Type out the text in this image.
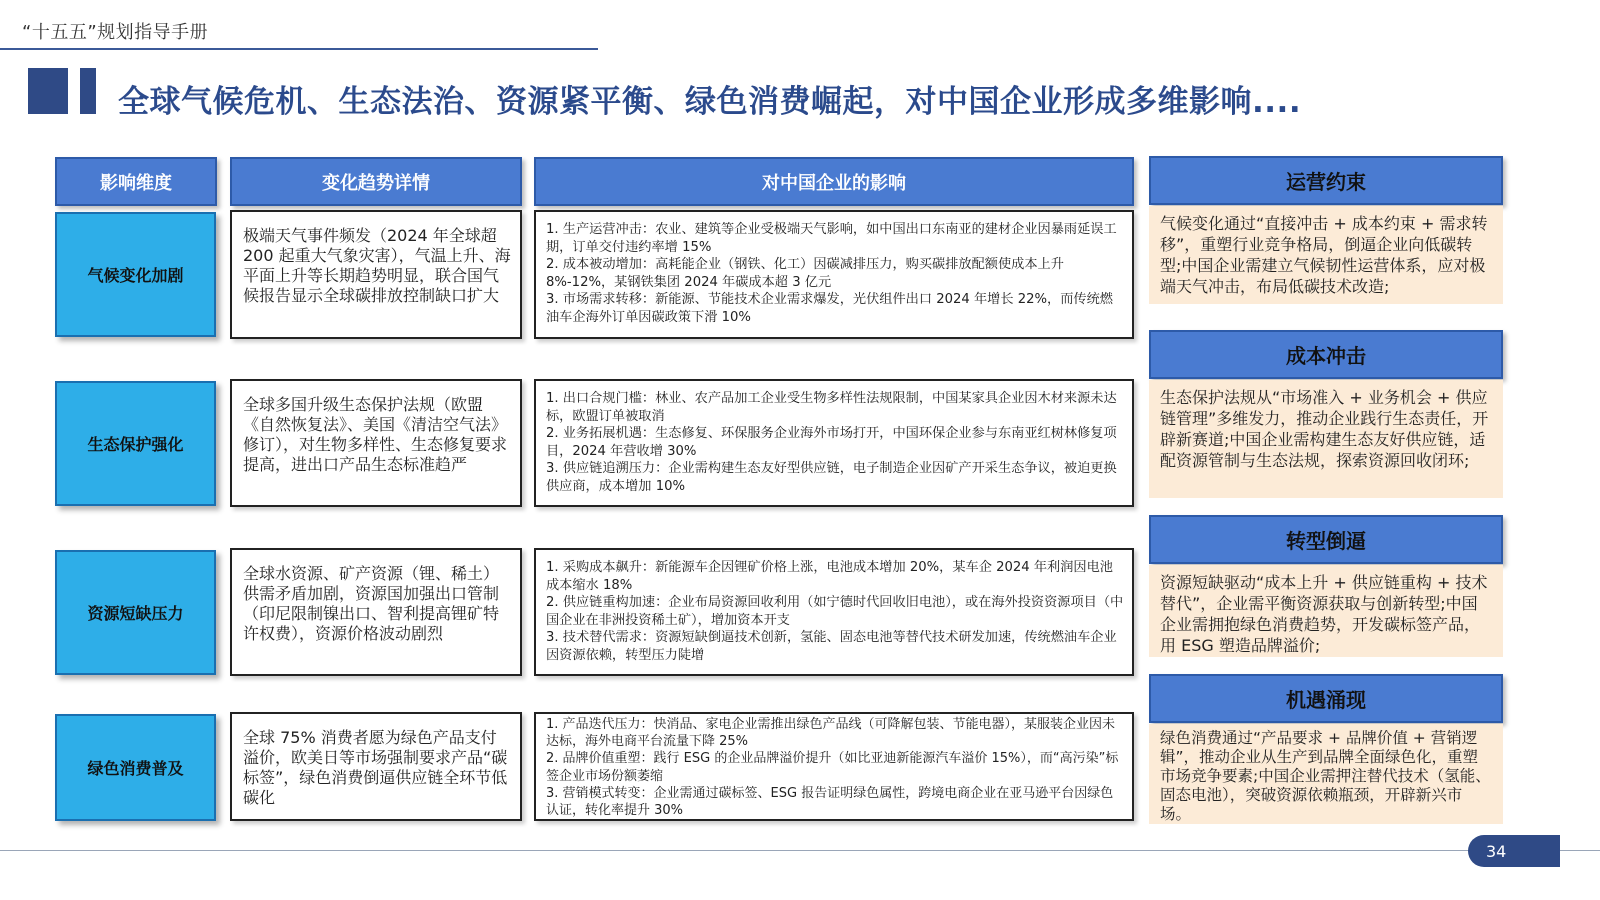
“十五五”规划指导手册
全球气候危机、生态法治、资源紧平衡、绿色消费崛起，对中国企业形成多维影响....
影响维度	变化趋势详情	对中国企业的影响
气候变化加剧
极端天气事件频发（2024 年全球超 200 起重大气象灾害），气温上升、海平面上升等长期趋势明显，联合国气候报告显示全球碳排放控制缺口扩大
1. 生产运营冲击：农业、建筑等企业受极端天气影响，如中国出口东南亚的建材企业因暴雨延误工期，订单交付违约率增 15%
2. 成本被动增加：高耗能企业（钢铁、化工）因碳减排压力，购买碳排放配额使成本上升 8%-12%，某钢铁集团 2024 年碳成本超 3 亿元
3. 市场需求转移：新能源、节能技术企业需求爆发，光伏组件出口 2024 年增长 22%，而传统燃油车企海外订单因碳政策下滑 10%
生态保护强化
全球多国升级生态保护法规（欧盟《自然恢复法》、美国《清洁空气法》修订），对生物多样性、生态修复要求提高，进出口产品生态标准趋严
1. 出口合规门槛：林业、农产品加工企业受生物多样性法规限制，中国某家具企业因木材来源未达标，欧盟订单被取消
2. 业务拓展机遇：生态修复、环保服务企业海外市场打开，中国环保企业参与东南亚红树林修复项目，2024 年营收增 30%
3. 供应链追溯压力：企业需构建生态友好型供应链，电子制造企业因矿产开采生态争议，被迫更换供应商，成本增加 10%
资源短缺压力
全球水资源、矿产资源（锂、稀土）供需矛盾加剧，资源国加强出口管制（印尼限制镍出口、智利提高锂矿特许权费），资源价格波动剧烈
1. 采购成本飙升：新能源车企因锂矿价格上涨，电池成本增加 20%，某车企 2024 年利润因电池成本缩水 18%
2. 供应链重构加速：企业布局资源回收利用（如宁德时代回收旧电池），或在海外投资资源项目（中国企业在非洲投资稀土矿），增加资本开支
3. 技术替代需求：资源短缺倒逼技术创新，氢能、固态电池等替代技术研发加速，传统燃油车企业因资源依赖，转型压力陡增
绿色消费普及
全球 75% 消费者愿为绿色产品支付溢价，欧美日等市场强制要求产品“碳标签”，绿色消费倒逼供应链全环节低碳化
1. 产品迭代压力：快消品、家电企业需推出绿色产品线（可降解包装、节能电器），某服装企业因未达标，海外电商平台流量下降 25%
2. 品牌价值重塑：践行 ESG 的企业品牌溢价提升（如比亚迪新能源汽车溢价 15%），而“高污染”标签企业市场份额萎缩
3. 营销模式转变：企业需通过碳标签、ESG 报告证明绿色属性，跨境电商企业在亚马逊平台因绿色认证，转化率提升 30%
运营约束
气候变化通过“直接冲击 + 成本约束 + 需求转移”，重塑行业竞争格局，倒逼企业向低碳转型;中国企业需建立气候韧性运营体系，应对极端天气冲击，布局低碳技术改造;
成本冲击
生态保护法规从“市场准入 + 业务机会 + 供应链管理”多维发力，推动企业践行生态责任，开辟新赛道;中国企业需构建生态友好供应链，适配资源管制与生态法规，探索资源回收闭环;
转型倒逼
资源短缺驱动“成本上升 + 供应链重构 + 技术替代”，企业需平衡资源获取与创新转型;中国企业需拥抱绿色消费趋势，开发碳标签产品，用 ESG 塑造品牌溢价;
机遇涌现
绿色消费通过“产品要求 + 品牌价值 + 营销逻辑”，推动企业从生产到品牌全面绿色化，重塑市场竞争要素;中国企业需押注替代技术（氢能、固态电池），突破资源依赖瓶颈，开辟新兴市场。
34
